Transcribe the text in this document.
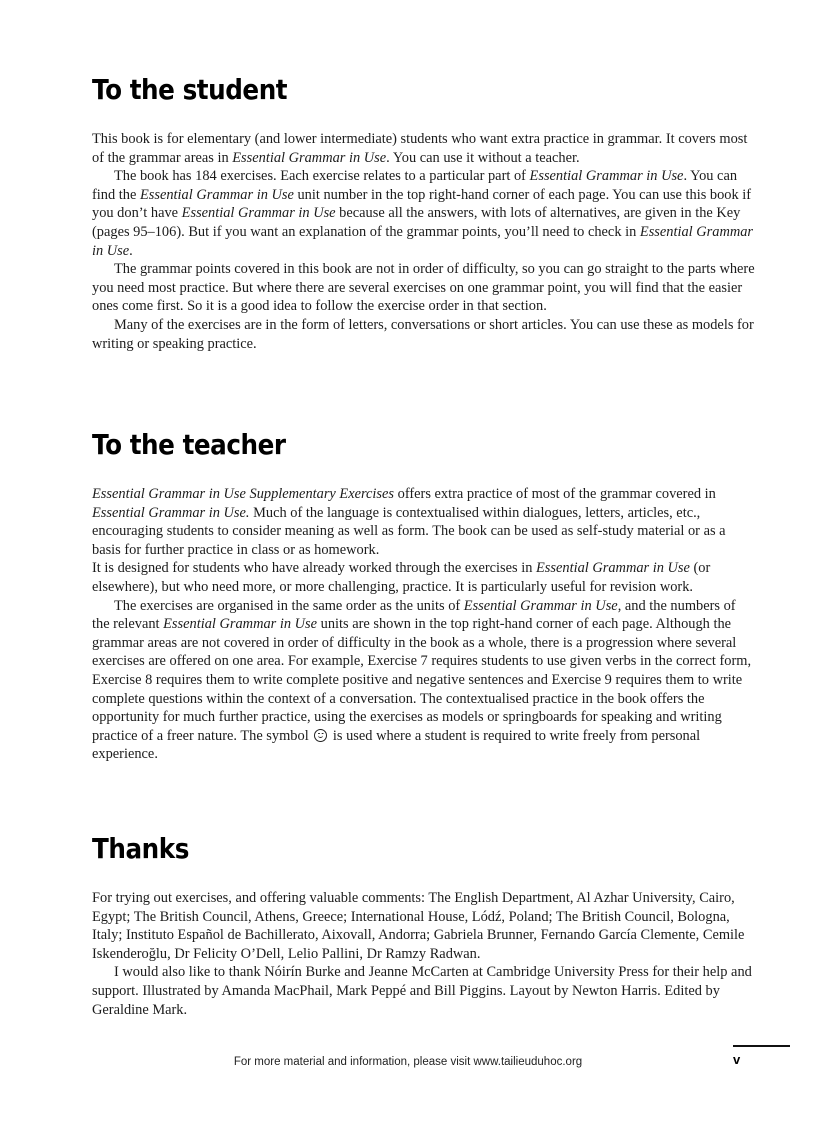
To the student

This book is for elementary (and lower intermediate) students who want extra practice in grammar. It covers most of the grammar areas in Essential Grammar in Use. You can use it without a teacher.

The book has 184 exercises. Each exercise relates to a particular part of Essential Grammar in Use. You can find the Essential Grammar in Use unit number in the top right-hand corner of each page. You can use this book if you don’t have Essential Grammar in Use because all the answers, with lots of alternatives, are given in the Key (pages 95–106). But if you want an explanation of the grammar points, you’ll need to check in Essential Grammar in Use.

The grammar points covered in this book are not in order of difficulty, so you can go straight to the parts where you need most practice. But where there are several exercises on one grammar point, you will find that the easier ones come first. So it is a good idea to follow the exercise order in that section.

Many of the exercises are in the form of letters, conversations or short articles. You can use these as models for writing or speaking practice.

To the teacher

Essential Grammar in Use Supplementary Exercises offers extra practice of most of the grammar covered in Essential Grammar in Use. Much of the language is contextualised within dialogues, letters, articles, etc., encouraging students to consider meaning as well as form. The book can be used as self-study material or as a basis for further practice in class or as homework.

It is designed for students who have already worked through the exercises in Essential Grammar in Use (or elsewhere), but who need more, or more challenging, practice. It is particularly useful for revision work.

The exercises are organised in the same order as the units of Essential Grammar in Use, and the numbers of the relevant Essential Grammar in Use units are shown in the top right-hand corner of each page. Although the grammar areas are not covered in order of difficulty in the book as a whole, there is a progression where several exercises are offered on one area. For example, Exercise 7 requires students to use given verbs in the correct form, Exercise 8 requires them to write complete positive and negative sentences and Exercise 9 requires them to write complete questions within the context of a conversation. The contextualised practice in the book offers the opportunity for much further practice, using the exercises as models or springboards for speaking and writing practice of a freer nature. The symbol  is used where a student is required to write freely from personal experience.

Thanks

For trying out exercises, and offering valuable comments: The English Department, Al Azhar University, Cairo, Egypt; The British Council, Athens, Greece; International House, Lódź, Poland; The British Council, Bologna, Italy; Instituto Español de Bachillerato, Aixovall, Andorra; Gabriela Brunner, Fernando García Clemente, Cemile Iskenderoğlu, Dr Felicity O’Dell, Lelio Pallini, Dr Ramzy Radwan.

I would also like to thank Nóirín Burke and Jeanne McCarten at Cambridge University Press for their help and support. Illustrated by Amanda MacPhail, Mark Peppé and Bill Piggins. Layout by Newton Harris. Edited by Geraldine Mark.

v
For more material and information, please visit www.tailieuduhoc.org
